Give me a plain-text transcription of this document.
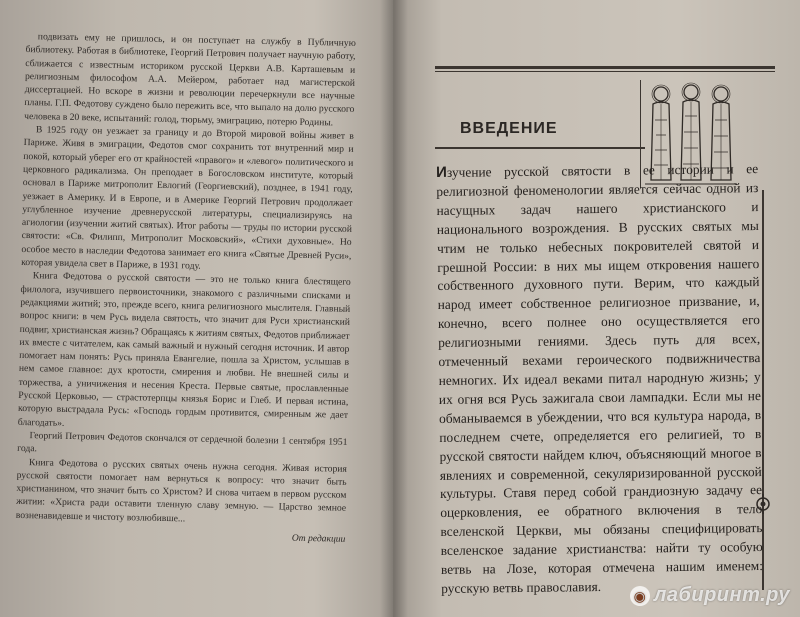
подвизать ему не пришлось, и он поступает на службу в Публичную библиотеку. Работая в библиотеке, Георгий Петрович получает научную работу, сближается с известным историком русской Церкви А.В. Карташевым и религиозным философом А.А. Мейером, работает над магистерской диссертацией. Но вскоре в жизни и революции перечеркнули все научные планы. Г.П. Федотову суждено было пережить все, что выпало на долю русского человека в 20 веке, испытаний: голод, тюрьму, эмиграцию, потерю Родины.

В 1925 году он уезжает за границу и до Второй мировой войны живет в Париже. Живя в эмиграции, Федотов смог сохранить тот внутренний мир и покой, который уберег его от крайностей «правого» и «левого» политического и церковного радикализма. Он преподает в Богословском институте, который основал в Париже митрополит Евлогий (Георгиевский), позднее, в 1941 году, уезжает в Америку. И в Европе, и в Америке Георгий Петрович продолжает углубленное изучение древнерусской литературы, специализируясь на агиологии (изучении житий святых). Итог работы — труды по истории русской святости: «Св. Филипп, Митрополит Московский», «Стихи духовные». Но особое место в наследии Федотова занимает его книга «Святые Древней Руси», которая увидела свет в Париже, в 1931 году.

Книга Федотова о русской святости — это не только книга блестящего филолога, изучившего первоисточники, знакомого с различными списками и редакциями житий; это, прежде всего, книга религиозного мыслителя. Главный вопрос книги: в чем Русь видела святость, что значит для Руси христианский подвиг, христианская жизнь? Обращаясь к житиям святых, Федотов приближает их вместе с читателем, как самый важный и нужный сегодня источник. И автор помогает нам понять: Русь приняла Евангелие, пошла за Христом, услышав в нем самое главное: дух кротости, смирения и любви. Не внешней силы и торжества, а уничижения и несения Креста. Первые святые, прославленные Русской Церковью, — страстотерпцы князья Борис и Глеб. И первая истина, которую выстрадала Русь: «Господь гордым противится, смиренным же дает благодать».

Георгий Петрович Федотов скончался от сердечной болезни 1 сентября 1951 года.

Книга Федотова о русских святых очень нужна сегодня. Живая история русской святости помогает нам вернуться к вопросу: что значит быть христианином, что значит быть со Христом? И снова читаем в первом русском житии: «Христа ради оставити тленную славу земную. — Царство земное возненавидевше и чистоту возлюбивше...

От редакции

ВВЕДЕНИЕ

Изучение русской святости в ее истории и ее религиозной феноменологии является сейчас одной из насущных задач нашего христианского и национального возрождения. В русских святых мы чтим не только небесных покровителей святой и грешной России: в них мы ищем откровения нашего собственного духовного пути. Верим, что каждый народ имеет собственное религиозное призвание, и, конечно, всего полнее оно осуществляется его религиозными гениями. Здесь путь для всех, отмеченный вехами героического подвижничества немногих. Их идеал веками питал народную жизнь; у их огня вся Русь зажигала свои лампадки. Если мы не обманываемся в убеждении, что вся культура народа, в последнем счете, определяется его религией, то в русской святости найдем ключ, объясняющий многое в явлениях и современной, секуляризированной русской культуры. Ставя перед собой грандиозную задачу ее оцерковления, ее обратного включения в тело вселенской Церкви, мы обязаны специфицировать вселенское задание христианства: найти ту особую ветвь на Лозе, которая отмечена нашим именем: русскую ветвь православия.	◉ лабиринт.ру
